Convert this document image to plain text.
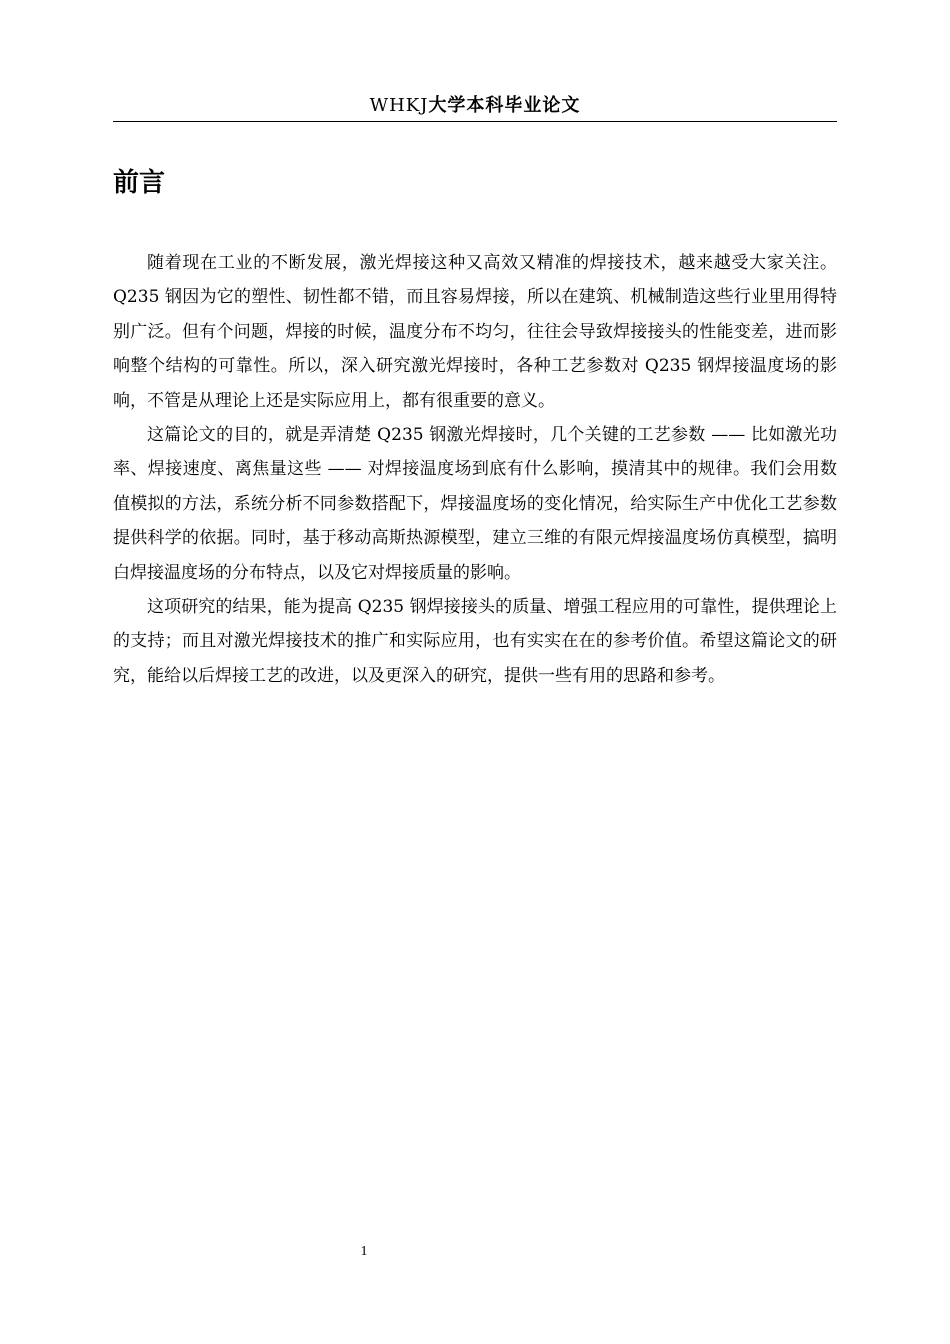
WHKJ大学本科毕业论文
前言

随着现在工业的不断发展，激光焊接这种又高效又精准的焊接技术，越来越受大家关注。Q235 钢因为它的塑性、韧性都不错，而且容易焊接，所以在建筑、机械制造这些行业里用得特别广泛。但有个问题，焊接的时候，温度分布不均匀，往往会导致焊接接头的性能变差，进而影响整个结构的可靠性。所以，深入研究激光焊接时，各种工艺参数对 Q235 钢焊接温度场的影响，不管是从理论上还是实际应用上，都有很重要的意义。

这篇论文的目的，就是弄清楚 Q235 钢激光焊接时，几个关键的工艺参数 —— 比如激光功率、焊接速度、离焦量这些 —— 对焊接温度场到底有什么影响，摸清其中的规律。我们会用数值模拟的方法，系统分析不同参数搭配下，焊接温度场的变化情况，给实际生产中优化工艺参数提供科学的依据。同时，基于移动高斯热源模型，建立三维的有限元焊接温度场仿真模型，搞明白焊接温度场的分布特点，以及它对焊接质量的影响。

这项研究的结果，能为提高 Q235 钢焊接接头的质量、增强工程应用的可靠性，提供理论上的支持；而且对激光焊接技术的推广和实际应用，也有实实在在的参考价值。希望这篇论文的研究，能给以后焊接工艺的改进，以及更深入的研究，提供一些有用的思路和参考。

1
